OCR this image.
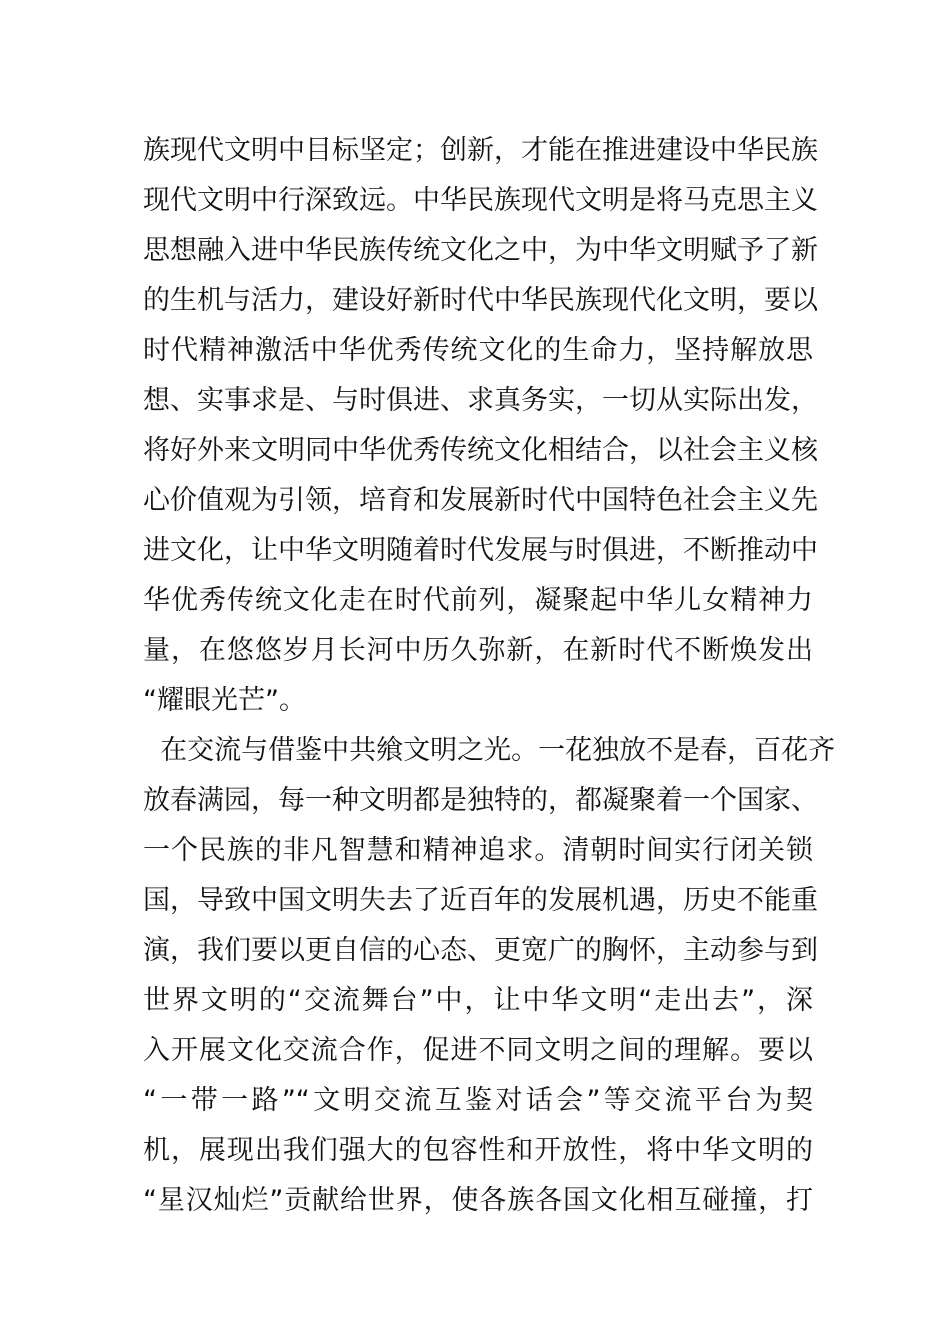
族现代文明中目标坚定；创新，才能在推进建设中华民族
现代文明中行深致远。中华民族现代文明是将马克思主义
思想融入进中华民族传统文化之中，为中华文明赋予了新
的生机与活力，建设好新时代中华民族现代化文明，要以
时代精神激活中华优秀传统文化的生命力，坚持解放思
想、实事求是、与时俱进、求真务实，一切从实际出发，
将好外来文明同中华优秀传统文化相结合，以社会主义核
心价值观为引领，培育和发展新时代中国特色社会主义先
进文化，让中华文明随着时代发展与时俱进，不断推动中
华优秀传统文化走在时代前列，凝聚起中华儿女精神力
量，在悠悠岁月长河中历久弥新，在新时代不断焕发出
“耀眼光芒”。
在交流与借鉴中共飨文明之光。一花独放不是春，百花齐
放春满园，每一种文明都是独特的，都凝聚着一个国家、
一个民族的非凡智慧和精神追求。清朝时间实行闭关锁
国，导致中国文明失去了近百年的发展机遇，历史不能重
演，我们要以更自信的心态、更宽广的胸怀，主动参与到
世界文明的“交流舞台”中，让中华文明“走出去”，深
入开展文化交流合作，促进不同文明之间的理解。要以
“一带一路”“文明交流互鉴对话会”等交流平台为契
机，展现出我们强大的包容性和开放性，将中华文明的
“星汉灿烂”贡献给世界，使各族各国文化相互碰撞，打
